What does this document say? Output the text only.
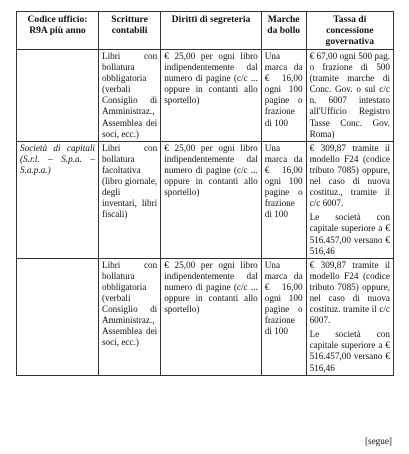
Codice ufficio: R9A più anno	Scritture contabili	Diritti di segreteria	Marche da bollo	Tassa di concessione governativa
	Libri con bollatura obbligatoria (verbali Consiglio di Amministraz., Assemblea dei soci, ecc.)	€ 25,00 per ogni libro indipendentemente dal numero di pagine (c/c ... oppure in contanti allo sportello)	Una marca da € 16,00 ogni 100 pagine o frazione di 100	€ 67,00 ogni 500 pag. o frazione di 500 (tramite marche di Conc. Gov. o sul c/c n. 6007 intestato all'Ufficio Registro Tasse Conc. Gov. Roma)

Società di capitali (S.r.l. – S.p.a. – S.a.p.a.)	Libri con bollatura facoltativa (libro giornale, degli inventari, libri fiscali)	€ 25,00 per ogni libro indipendentemente dal numero di pagine (c/c ... oppure in contanti allo sportello)	Una marca da € 16,00 ogni 100 pagine o frazione di 100	€ 309,87 tramite il modello F24 (codice tributo 7085) oppure, nel caso di nuova costituz., tramite il c/c 6007.
Le società con capitale superiore a € 516.457,00 versano € 516,46

	Libri con bollatura obbligatoria (verbali Consiglio di Amministraz., Assemblea dei soci, ecc.)	€ 25,00 per ogni libro indipendentemente dal numero di pagine (c/c ... oppure in contanti allo sportello)	Una marca da € 16,00 ogni 100 pagine o frazione di 100	€ 309,87 tramite il modello F24 (codice tributo 7085) oppure, nel caso di nuova costituz. tramite il c/c 6007.
Le società con capitale superiore a € 516.457,00 versano € 516,46
[segue]
